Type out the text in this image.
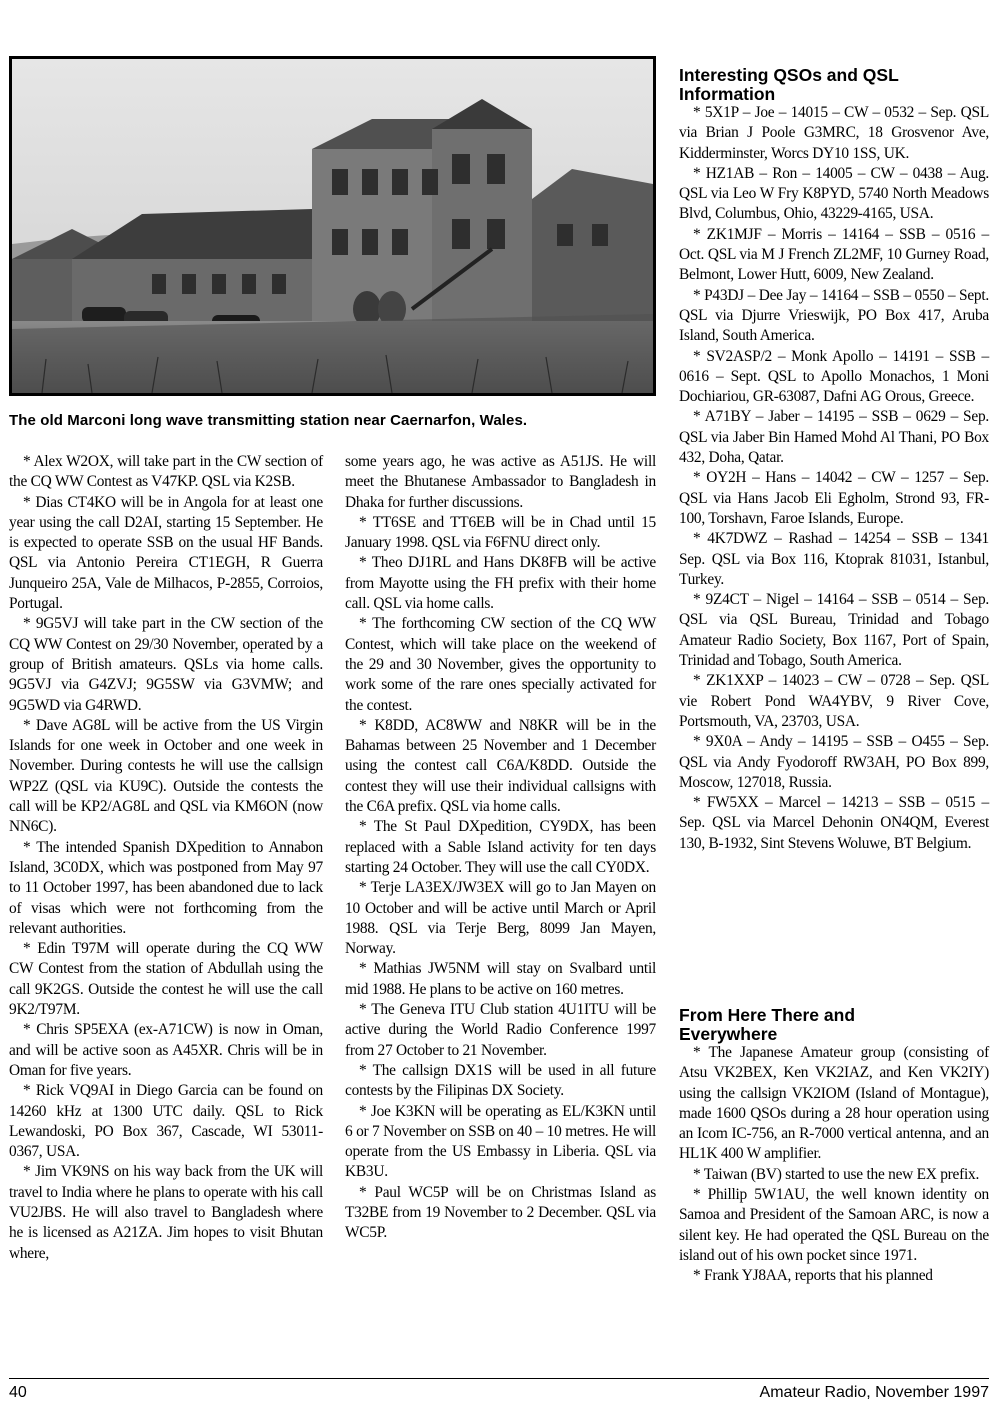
The old Marconi long wave transmitting station near Caernarfon, Wales.

* Alex W2OX, will take part in the CW section of the CQ WW Contest as V47KP. QSL via K2SB.

* Dias CT4KO will be in Angola for at least one year using the call D2AI, starting 15 September. He is expected to operate SSB on the usual HF Bands. QSL via Antonio Pereira CT1EGH, R Guerra Junqueiro 25A, Vale de Milhacos, P-2855, Corroios, Portugal.

* 9G5VJ will take part in the CW section of the CQ WW Contest on 29/30 November, operated by a group of British amateurs. QSLs via home calls. 9G5VJ via G4ZVJ; 9G5SW via G3VMW; and 9G5WD via G4RWD.

* Dave AG8L will be active from the US Virgin Islands for one week in October and one week in November. During contests he will use the callsign WP2Z (QSL via KU9C). Outside the contests the call will be KP2/AG8L and QSL via KM6ON (now NN6C).

* The intended Spanish DXpedition to Annabon Island, 3C0DX, which was postponed from May 97 to 11 October 1997, has been abandoned due to lack of visas which were not forthcoming from the relevant authorities.

* Edin T97M will operate during the CQ WW CW Contest from the station of Abdullah using the call 9K2GS. Outside the contest he will use the call 9K2/T97M.

* Chris SP5EXA (ex-A71CW) is now in Oman, and will be active soon as A45XR. Chris will be in Oman for five years.

* Rick VQ9AI in Diego Garcia can be found on 14260 kHz at 1300 UTC daily. QSL to Rick Lewandoski, PO Box 367, Cascade, WI 53011-0367, USA.

* Jim VK9NS on his way back from the UK will travel to India where he plans to operate with his call VU2JBS. He will also travel to Bangladesh where he is licensed as A21ZA. Jim hopes to visit Bhutan where,

some years ago, he was active as A51JS. He will meet the Bhutanese Ambassador to Bangladesh in Dhaka for further discussions.

* TT6SE and TT6EB will be in Chad until 15 January 1998. QSL via F6FNU direct only.

* Theo DJ1RL and Hans DK8FB will be active from Mayotte using the FH prefix with their home call. QSL via home calls.

* The forthcoming CW section of the CQ WW Contest, which will take place on the weekend of the 29 and 30 November, gives the opportunity to work some of the rare ones specially activated for the contest.

* K8DD, AC8WW and N8KR will be in the Bahamas between 25 November and 1 December using the contest call C6A/K8DD. Outside the contest they will use their individual callsigns with the C6A prefix. QSL via home calls.

* The St Paul DXpedition, CY9DX, has been replaced with a Sable Island activity for ten days starting 24 October. They will use the call CY0DX.

* Terje LA3EX/JW3EX will go to Jan Mayen on 10 October and will be active until March or April 1988. QSL via Terje Berg, 8099 Jan Mayen, Norway.

* Mathias JW5NM will stay on Svalbard until mid 1988. He plans to be active on 160 metres.

* The Geneva ITU Club station 4U1ITU will be active during the World Radio Conference 1997 from 27 October to 21 November.

* The callsign DX1S will be used in all future contests by the Filipinas DX Society.

* Joe K3KN will be operating as EL/K3KN until 6 or 7 November on SSB on 40 – 10 metres. He will operate from the US Embassy in Liberia. QSL via KB3U.

* Paul WC5P will be on Christmas Island as T32BE from 19 November to 2 December. QSL via WC5P.

Interesting QSOs and QSL
Information

* 5X1P – Joe – 14015 – CW – 0532 – Sep. QSL via Brian J Poole G3MRC, 18 Grosvenor Ave, Kidderminster, Worcs DY10 1SS, UK.

* HZ1AB – Ron – 14005 – CW – 0438 – Aug. QSL via Leo W Fry K8PYD, 5740 North Meadows Blvd, Columbus, Ohio, 43229-4165, USA.

* ZK1MJF – Morris – 14164 – SSB – 0516 – Oct. QSL via M J French ZL2MF, 10 Gurney Road, Belmont, Lower Hutt, 6009, New Zealand.

* P43DJ – Dee Jay – 14164 – SSB – 0550 – Sept. QSL via Djurre Vrieswijk, PO Box 417, Aruba Island, South America.

* SV2ASP/2 – Monk Apollo – 14191 – SSB – 0616 – Sept. QSL to Apollo Monachos, 1 Moni Dochiariou, GR-63087, Dafni AG Orous, Greece.

* A71BY – Jaber – 14195 – SSB – 0629 – Sep. QSL via Jaber Bin Hamed Mohd Al Thani, PO Box 432, Doha, Qatar.

* OY2H – Hans – 14042 – CW – 1257 – Sep. QSL via Hans Jacob Eli Egholm, Strond 93, FR-100, Torshavn, Faroe Islands, Europe.

* 4K7DWZ – Rashad – 14254 – SSB – 1341 Sep. QSL via Box 116, Ktoprak 81031, Istanbul, Turkey.

* 9Z4CT – Nigel – 14164 – SSB – 0514 – Sep. QSL via QSL Bureau, Trinidad and Tobago Amateur Radio Society, Box 1167, Port of Spain, Trinidad and Tobago, South America.

* ZK1XXP – 14023 – CW – 0728 – Sep. QSL vie Robert Pond WA4YBV, 9 River Cove, Portsmouth, VA, 23703, USA.

* 9X0A – Andy – 14195 – SSB – O455 – Sep. QSL via Andy Fyodoroff RW3AH, PO Box 899, Moscow, 127018, Russia.

* FW5XX – Marcel – 14213 – SSB – 0515 – Sep. QSL via Marcel Dehonin ON4QM, Everest 130, B-1932, Sint Stevens Woluwe, BT Belgium.

From Here There and
Everywhere

* The Japanese Amateur group (consisting of Atsu VK2BEX, Ken VK2IAZ, and Ken VK2IY) using the callsign VK2IOM (Island of Montague), made 1600 QSOs during a 28 hour operation using an Icom IC-756, an R-7000 vertical antenna, and an HL1K 400 W amplifier.

* Taiwan (BV) started to use the new EX prefix.

* Phillip 5W1AU, the well known identity on Samoa and President of the Samoan ARC, is now a silent key. He had operated the QSL Bureau on the island out of his own pocket since 1971.

* Frank YJ8AA, reports that his planned

40	Amateur Radio, November 1997
